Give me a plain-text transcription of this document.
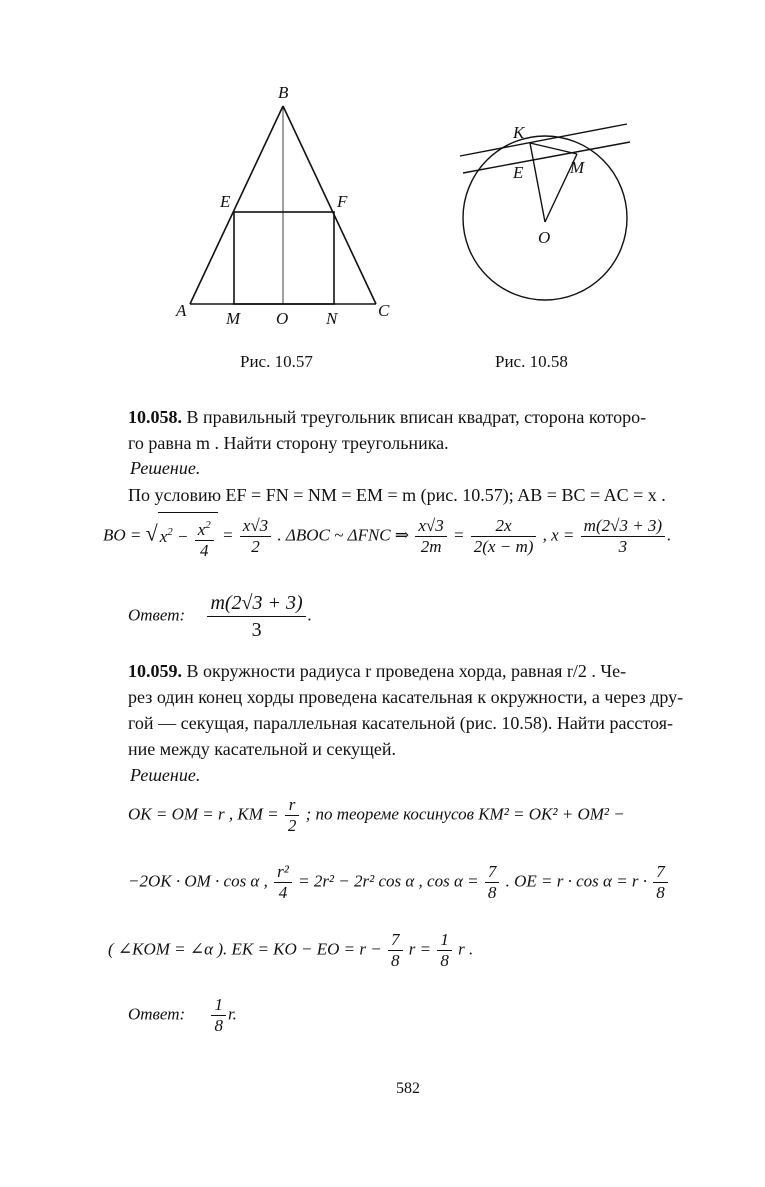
B
E	F
A M O N C
K
E	M
O
Рис. 10.57	Рис. 10.58
10.058. В правильный треугольник вписан квадрат, сторона которо-
го равна m . Найти сторону треугольника.
Решение.
По условию EF = FN = NM = EM = m (рис. 10.57); AB = BC = AC = x .
BO = √ $x^2 - \frac{x^2}{4} = \frac{x√3}{2}$ . ΔBOC ~ ΔFNC ⇒ $\frac{x√3}{2m} = \frac{2x}{2(x - m)}$ , $x = \frac{m(2√3 + 3)}{3}$ .
Ответ: $\frac{m(2√3 + 3)}{3}$ .
10.059. В окружности радиуса r проведена хорда, равная r/2 . Че-
рез один конец хорды проведена касательная к окружности, а через дру-
гой — секущая, параллельная касательной (рис. 10.58). Найти расстоя-
ние между касательной и секущей.
Решение.
OK = OM = r , KM = $\frac{r}{2}$ ; по теореме косинусов KM² = OK² + OM² −
−2OK · OM · cos α , $\frac{\text{r²}}{4} = 2r^2 - 2r^2$ cos α , $\cos \alpha = \frac{7}{8}$ . OE = $r \cdot \cos \alpha = r \cdot \frac{7}{8}$
( ∠KOM = ∠α ). EK = KO − EO = $r - \frac{7}{8}$ $r = \frac{1}{8}$ r .
Ответ: $\frac{1}{8} r$.
582
